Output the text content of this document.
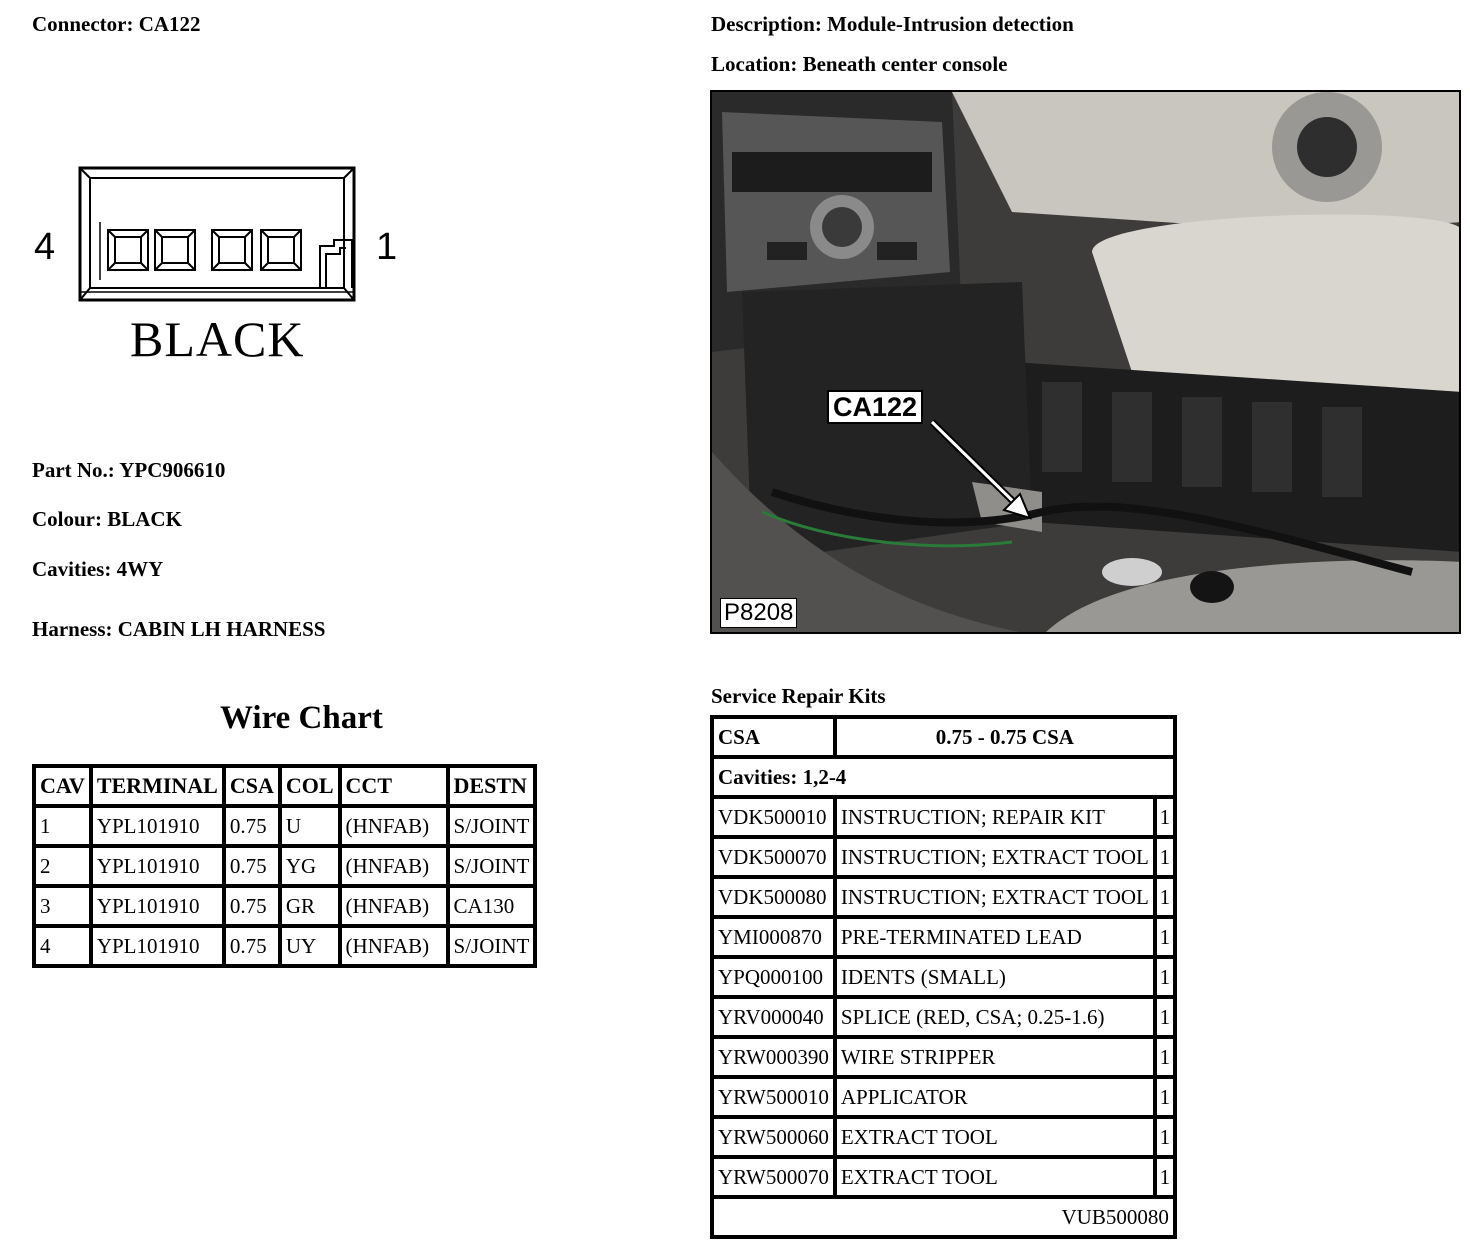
Connector: CA122	Description: Module-Intrusion detection
Location: Beneath center console
4	1
BLACK
CA122
P8208
Part No.: YPC906610
Colour: BLACK
Cavities: 4WY
Harness: CABIN LH HARNESS
Wire Chart
CAV	TERMINAL	CSA	COL	CCT	DESTN
1	YPL101910	0.75	U	(HNFAB)	S/JOINT
2	YPL101910	0.75	YG	(HNFAB)	S/JOINT
3	YPL101910	0.75	GR	(HNFAB)	CA130
4	YPL101910	0.75	UY	(HNFAB)	S/JOINT
Service Repair Kits
CSA	0.75 - 0.75 CSA	
Cavities: 1,2-4		
VDK500010	INSTRUCTION; REPAIR KIT	1
VDK500070	INSTRUCTION; EXTRACT TOOL	1
VDK500080	INSTRUCTION; EXTRACT TOOL	1
YMI000870	PRE-TERMINATED LEAD	1
YPQ000100	IDENTS (SMALL)	1
YRV000040	SPLICE (RED, CSA; 0.25-1.6)	1
YRW000390	WIRE STRIPPER	1
YRW500010	APPLICATOR	1
YRW500060	EXTRACT TOOL	1
YRW500070	EXTRACT TOOL	1
VUB500080		
